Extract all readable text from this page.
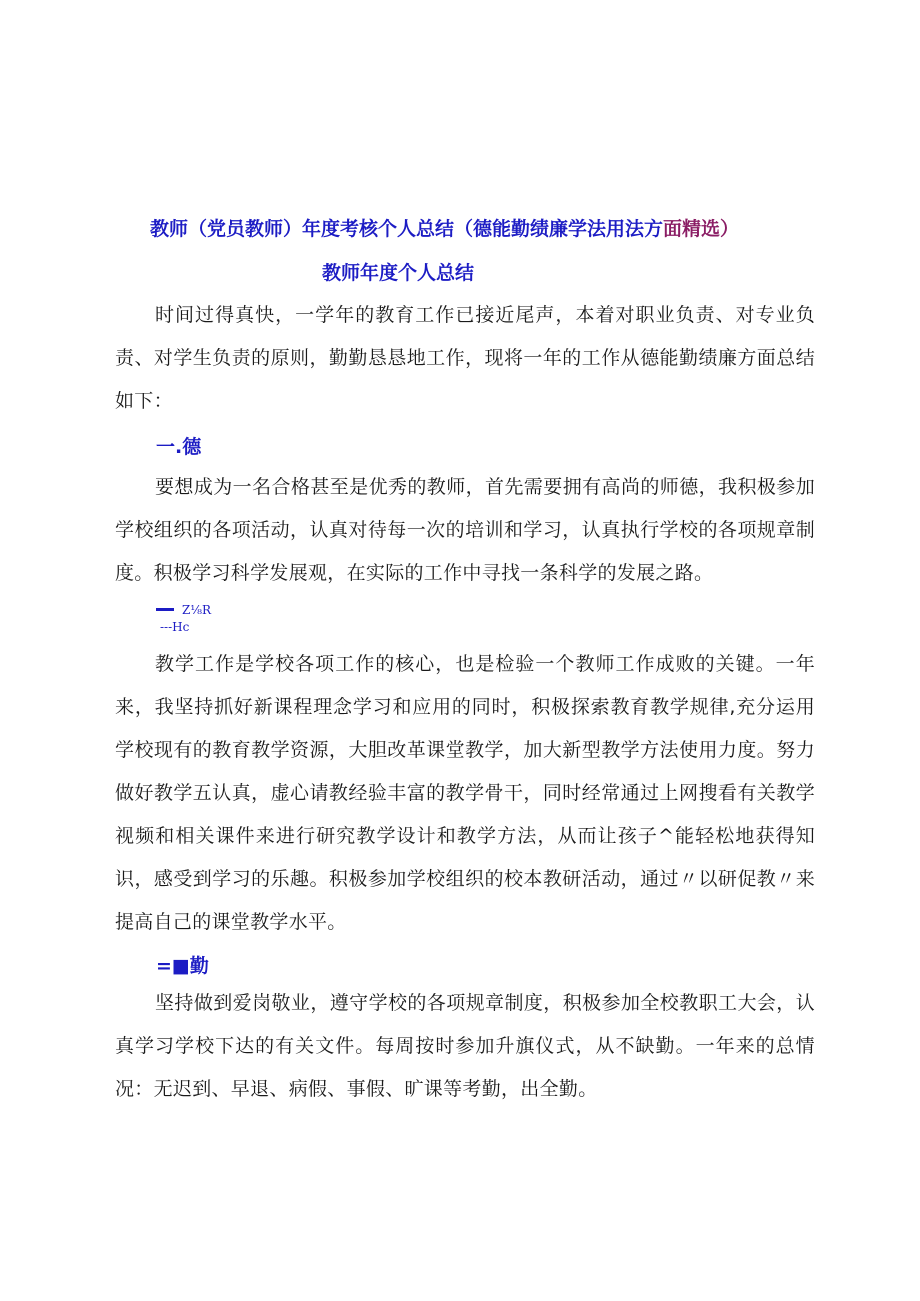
教师（党员教师）年度考核个人总结（德能勤绩廉学法用法方面精选）
教师年度个人总结

时间过得真快，一学年的教育工作已接近尾声，本着对职业负责、对专业负责、对学生负责的原则，勤勤恳恳地工作，现将一年的工作从德能勤绩廉方面总结如下：

一.德

要想成为一名合格甚至是优秀的教师，首先需要拥有高尚的师德，我积极参加学校组织的各项活动，认真对待每一次的培训和学习，认真执行学校的各项规章制度。积极学习科学发展观，在实际的工作中寻找一条科学的发展之路。

Z⅛R
---Hc

教学工作是学校各项工作的核心，也是检验一个教师工作成败的关键。一年来，我坚持抓好新课程理念学习和应用的同时，积极探索教育教学规律,充分运用学校现有的教育教学资源，大胆改革课堂教学，加大新型教学方法使用力度。努力做好教学五认真，虚心请教经验丰富的教学骨干，同时经常通过上网搜看有关教学视频和相关课件来进行研究教学设计和教学方法，从而让孩子^能轻松地获得知识，感受到学习的乐趣。积极参加学校组织的校本教研活动，通过〃以研促教〃来提高自己的课堂教学水平。

=■勤

坚持做到爱岗敬业，遵守学校的各项规章制度，积极参加全校教职工大会，认真学习学校下达的有关文件。每周按时参加升旗仪式，从不缺勤。一年来的总情况：无迟到、早退、病假、事假、旷课等考勤，出全勤。
